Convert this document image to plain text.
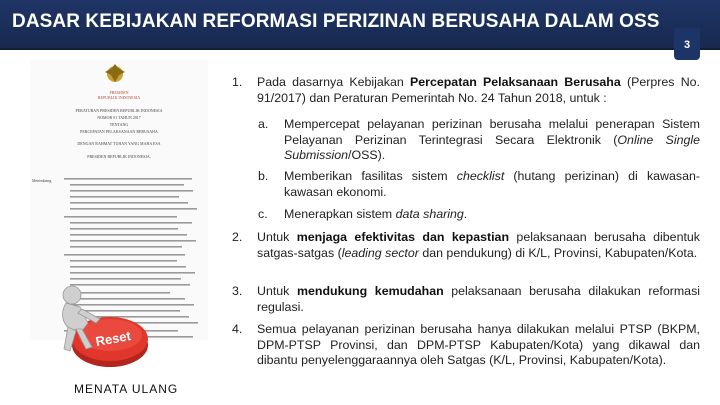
DASAR KEBIJAKAN REFORMASI PERIZINAN BERUSAHA DALAM OSS
3
PRESIDEN
REPUBLIK INDONESIA
PERATURAN PRESIDEN REPUBLIK INDONESIA
NOMOR 91 TAHUN 2017
TENTANG
PERCEPATAN PELAKSANAAN BERUSAHA
DENGAN RAHMAT TUHAN YANG MAHA ESA
PRESIDEN REPUBLIK INDONESIA,
Menimbang
Reset
MENATA ULANG
1. Pada dasarnya Kebijakan Percepatan Pelaksanaan Berusaha (Perpres No. 91/2017) dan Peraturan Pemerintah No. 24 Tahun 2018, untuk :
a. Mempercepat pelayanan perizinan berusaha melalui penerapan Sistem Pelayanan Perizinan Terintegrasi Secara Elektronik (Online Single Submission/OSS).
b. Memberikan fasilitas sistem checklist (hutang perizinan) di kawasan-kawasan ekonomi.
c. Menerapkan sistem data sharing.
2. Untuk menjaga efektivitas dan kepastian pelaksanaan berusaha dibentuk satgas-satgas (leading sector dan pendukung) di K/L, Provinsi, Kabupaten/Kota.
3. Untuk mendukung kemudahan pelaksanaan berusaha dilakukan reformasi regulasi.
4. Semua pelayanan perizinan berusaha hanya dilakukan melalui PTSP (BKPM, DPM-PTSP Provinsi, dan DPM-PTSP Kabupaten/Kota) yang dikawal dan dibantu penyelenggaraannya oleh Satgas (K/L, Provinsi, Kabupaten/Kota).
